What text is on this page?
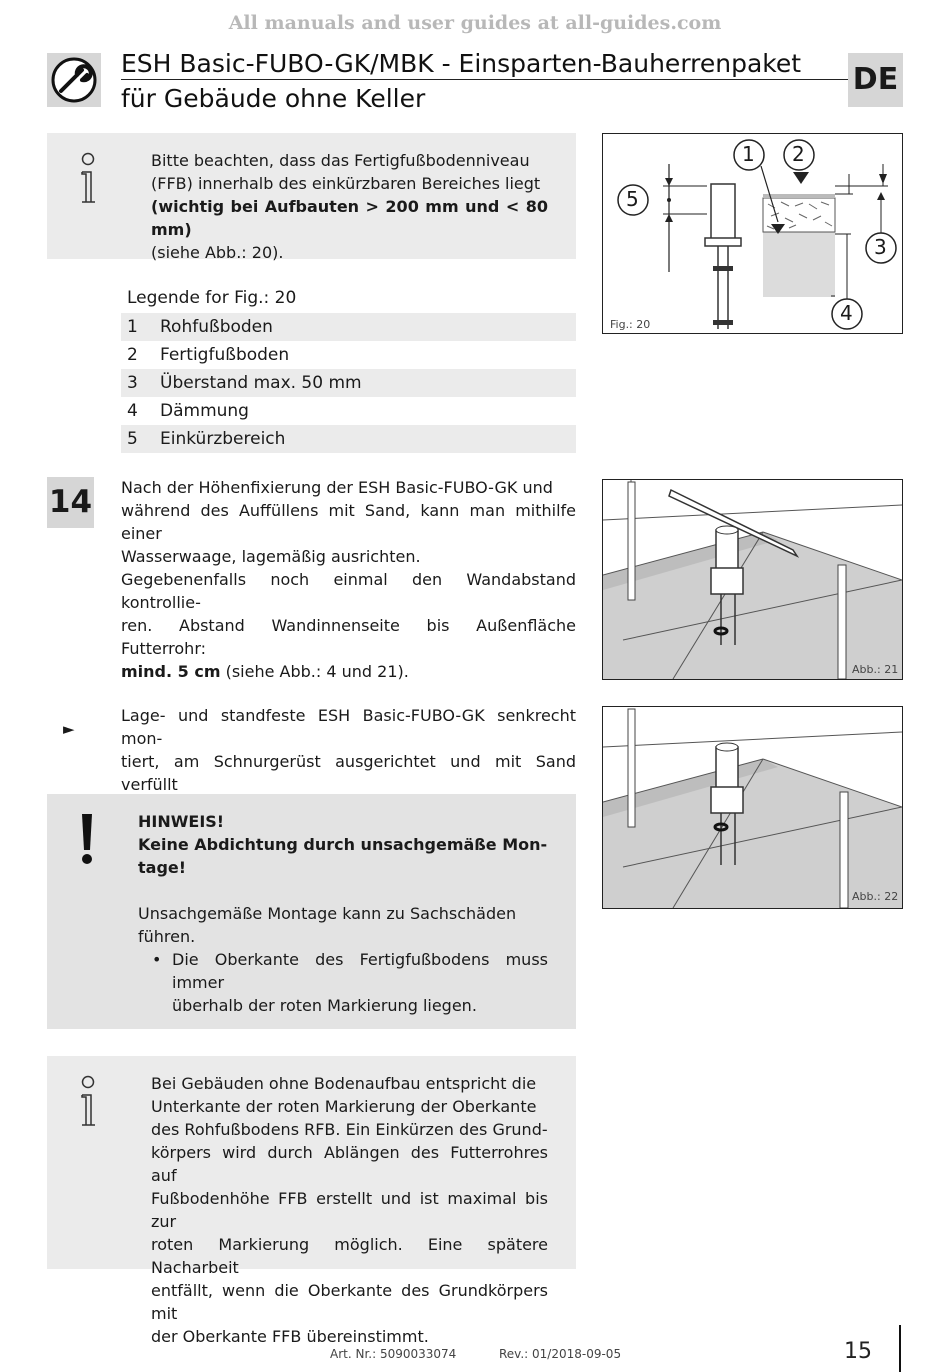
All manuals and user guides at all-guides.com
ESH Basic-FUBO-GK/MBK - Einsparten-Bauherrenpaket
für Gebäude ohne Keller
DE
Bitte beachten, dass das Fertigfußbodenniveau
(FFB) innerhalb des einkürzbaren Bereiches liegt
(wichtig bei Aufbauten > 200 mm und < 80 mm)
(siehe Abb.: 20).
Legende for Fig.: 20
1 Rohfußboden
2 Fertigfußboden
3 Überstand max. 50 mm
4 Dämmung
5 Einkürzbereich
1 2
3
4
5
Fig.: 20
14 Nach der Höhenfixierung der ESH Basic-FUBO-GK und
während des Auffüllens mit Sand, kann man mithilfe einer
Wasserwaage, lagemäßig ausrichten.
Gegebenenfalls noch einmal den Wandabstand kontrollie-
ren. Abstand Wandinnenseite bis Außenfläche Futterrohr:
mind. 5 cm (siehe Abb.: 4 und 21).	Abb.: 21
►
Lage- und standfeste ESH Basic-FUBO-GK senkrecht mon-
tiert, am Schnurgerüst ausgerichtet und mit Sand verfüllt
Abb.: 22
HINWEIS!
Keine Abdichtung durch unsachgemäße Mon-
tage!
Unsachgemäße Montage kann zu Sachschäden
führen.
• Die Oberkante des Fertigfußbodens muss immer
überhalb der roten Markierung liegen.
Bei Gebäuden ohne Bodenaufbau entspricht die
Unterkante der roten Markierung der Oberkante
des Rohfußbodens RFB. Ein Einkürzen des Grund-
körpers wird durch Ablängen des Futterrohres auf
Fußbodenhöhe FFB erstellt und ist maximal bis zur
roten Markierung möglich. Eine spätere Nacharbeit
entfällt, wenn die Oberkante des Grundkörpers mit
der Oberkante FFB übereinstimmt.
Art. Nr.: 5090033074	Rev.: 01/2018-09-05	15
